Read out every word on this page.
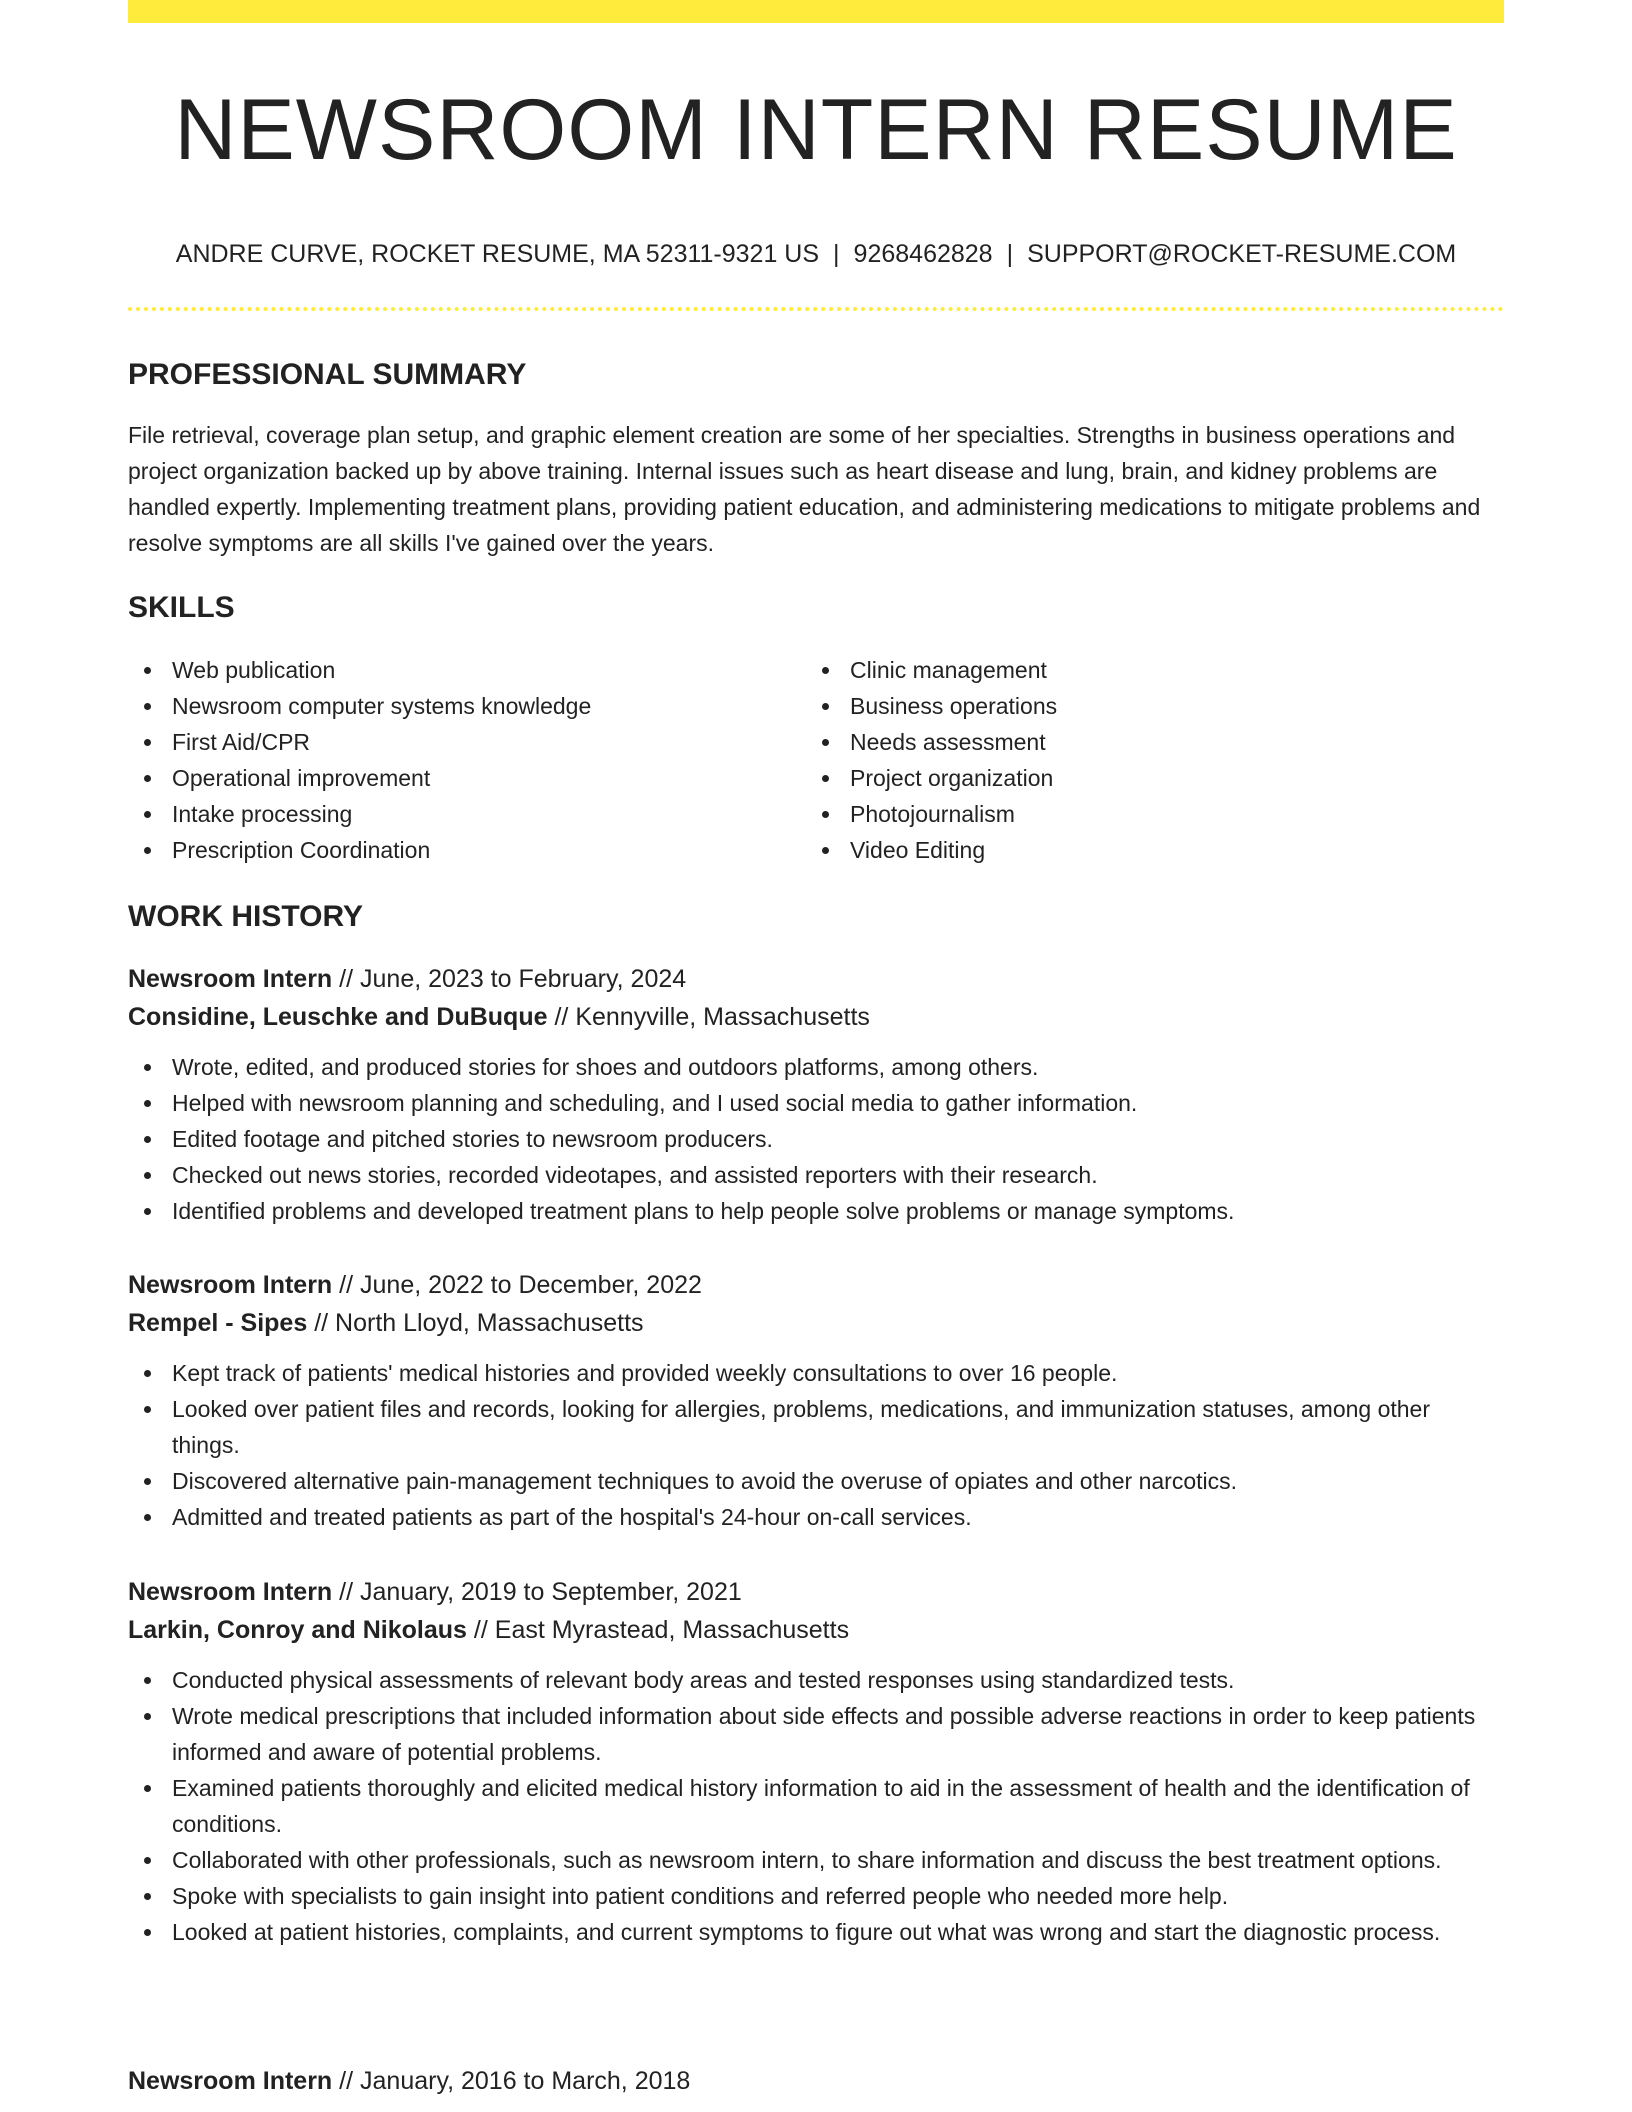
NEWSROOM INTERN RESUME
ANDRE CURVE, ROCKET RESUME, MA 52311-9321 US | 9268462828 | SUPPORT@ROCKET-RESUME.COM
PROFESSIONAL SUMMARY

File retrieval, coverage plan setup, and graphic element creation are some of her specialties. Strengths in business operations and project organization backed up by above training. Internal issues such as heart disease and lung, brain, and kidney problems are handled expertly. Implementing treatment plans, providing patient education, and administering medications to mitigate problems and resolve symptoms are all skills I've gained over the years.

SKILLS
Web publication
Newsroom computer systems knowledge
First Aid/CPR
Operational improvement
Intake processing
Prescription Coordination
Clinic management
Business operations
Needs assessment
Project organization
Photojournalism
Video Editing
WORK HISTORY
Newsroom Intern // June, 2023 to February, 2024
Considine, Leuschke and DuBuque // Kennyville, Massachusetts
Wrote, edited, and produced stories for shoes and outdoors platforms, among others.
Helped with newsroom planning and scheduling, and I used social media to gather information.
Edited footage and pitched stories to newsroom producers.
Checked out news stories, recorded videotapes, and assisted reporters with their research.
Identified problems and developed treatment plans to help people solve problems or manage symptoms.
Newsroom Intern // June, 2022 to December, 2022
Rempel - Sipes // North Lloyd, Massachusetts
Kept track of patients' medical histories and provided weekly consultations to over 16 people.
Looked over patient files and records, looking for allergies, problems, medications, and immunization statuses, among other things.
Discovered alternative pain-management techniques to avoid the overuse of opiates and other narcotics.
Admitted and treated patients as part of the hospital's 24-hour on-call services.
Newsroom Intern // January, 2019 to September, 2021
Larkin, Conroy and Nikolaus // East Myrastead, Massachusetts
Conducted physical assessments of relevant body areas and tested responses using standardized tests.
Wrote medical prescriptions that included information about side effects and possible adverse reactions in order to keep patients informed and aware of potential problems.
Examined patients thoroughly and elicited medical history information to aid in the assessment of health and the identification of conditions.
Collaborated with other professionals, such as newsroom intern, to share information and discuss the best treatment options.
Spoke with specialists to gain insight into patient conditions and referred people who needed more help.
Looked at patient histories, complaints, and current symptoms to figure out what was wrong and start the diagnostic process.
Newsroom Intern // January, 2016 to March, 2018
